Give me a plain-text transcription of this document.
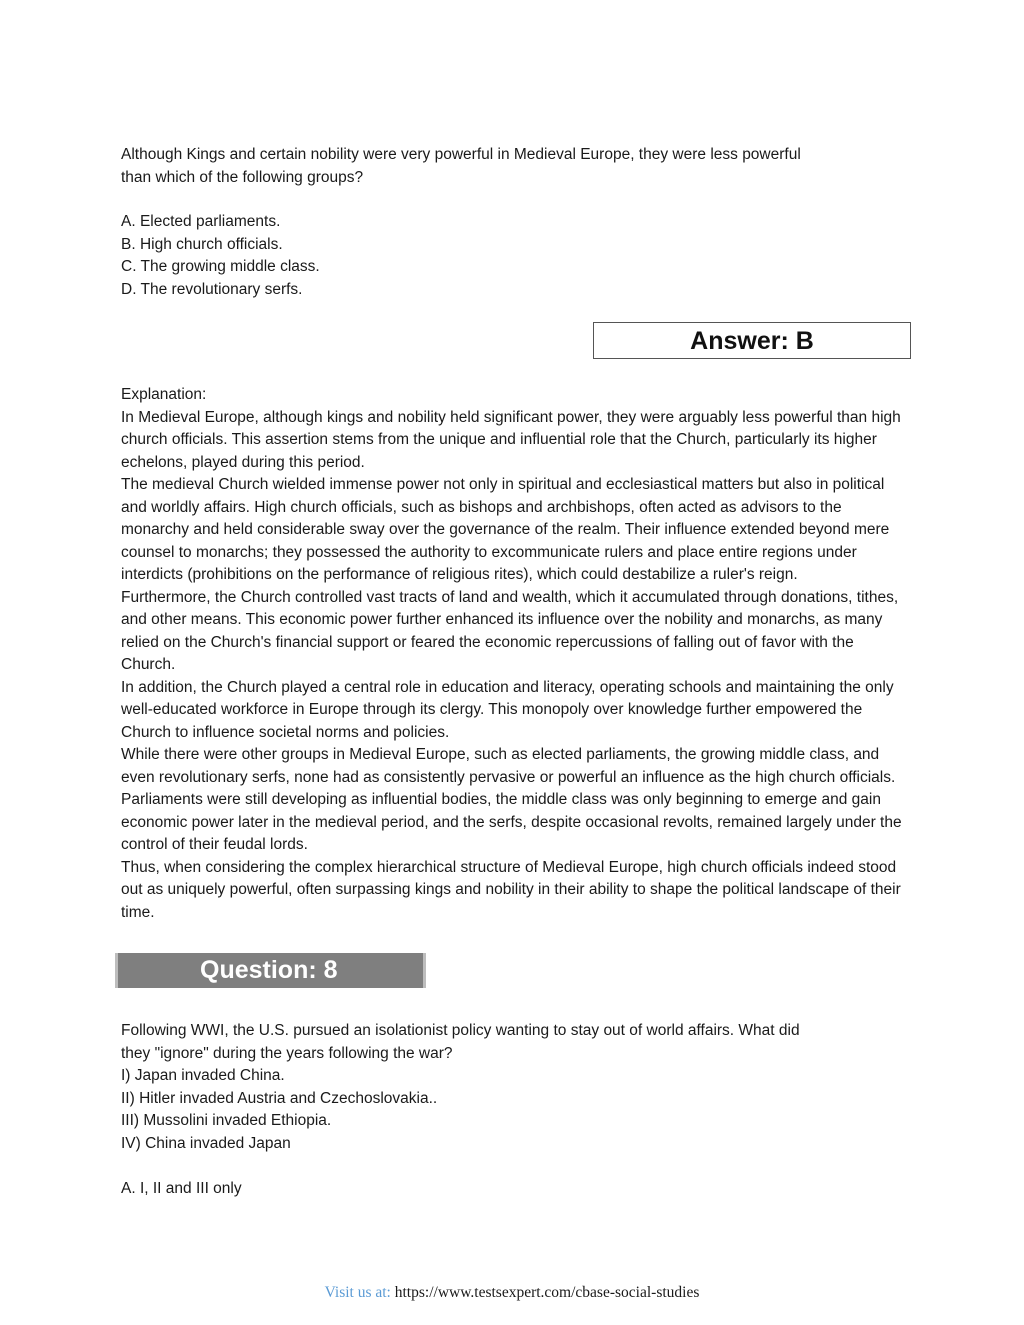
Although Kings and certain nobility were very powerful in Medieval Europe, they were less powerful
than which of the following groups?
A. Elected parliaments.
B. High church officials.
C. The growing middle class.
D. The revolutionary serfs.
Answer: B

Explanation:

In Medieval Europe, although kings and nobility held significant power, they were arguably less powerful than high church officials. This assertion stems from the unique and influential role that the Church, particularly its higher echelons, played during this period.

The medieval Church wielded immense power not only in spiritual and ecclesiastical matters but also in political and worldly affairs. High church officials, such as bishops and archbishops, often acted as advisors to the monarchy and held considerable sway over the governance of the realm. Their influence extended beyond mere counsel to monarchs; they possessed the authority to excommunicate rulers and place entire regions under interdicts (prohibitions on the performance of religious rites), which could destabilize a ruler's reign.

Furthermore, the Church controlled vast tracts of land and wealth, which it accumulated through donations, tithes, and other means. This economic power further enhanced its influence over the nobility and monarchs, as many relied on the Church's financial support or feared the economic repercussions of falling out of favor with the Church.

In addition, the Church played a central role in education and literacy, operating schools and maintaining the only well-educated workforce in Europe through its clergy. This monopoly over knowledge further empowered the Church to influence societal norms and policies.

While there were other groups in Medieval Europe, such as elected parliaments, the growing middle class, and even revolutionary serfs, none had as consistently pervasive or powerful an influence as the high church officials. Parliaments were still developing as influential bodies, the middle class was only beginning to emerge and gain economic power later in the medieval period, and the serfs, despite occasional revolts, remained largely under the control of their feudal lords.

Thus, when considering the complex hierarchical structure of Medieval Europe, high church officials indeed stood out as uniquely powerful, often surpassing kings and nobility in their ability to shape the political landscape of their time.

Question: 8
Following WWI, the U.S. pursued an isolationist policy wanting to stay out of world affairs. What did
they "ignore" during the years following the war?
I) Japan invaded China.
II) Hitler invaded Austria and Czechoslovakia..
III) Mussolini invaded Ethiopia.
IV) China invaded Japan
A. I, II and III only
Visit us at: https://www.testsexpert.com/cbase-social-studies
